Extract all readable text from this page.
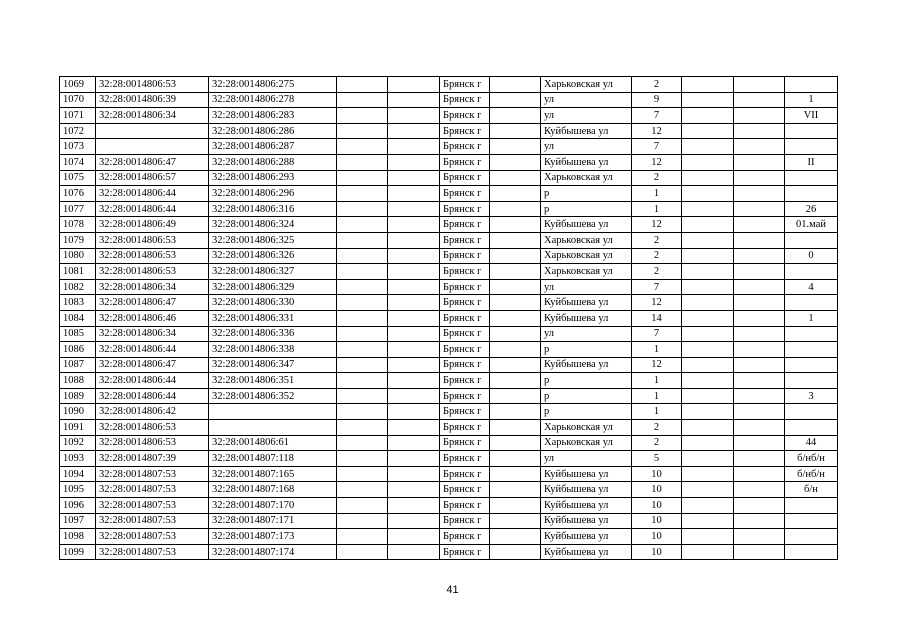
1069	32:28:0014806:53	32:28:0014806:275			Брянск г		Харьковская ул	2			
1070	32:28:0014806:39	32:28:0014806:278			Брянск г		ул	9			1
1071	32:28:0014806:34	32:28:0014806:283			Брянск г		ул	7			VII
1072		32:28:0014806:286			Брянск г		Куйбышева ул	12			
1073		32:28:0014806:287			Брянск г		ул	7			
1074	32:28:0014806:47	32:28:0014806:288			Брянск г		Куйбышева ул	12			II
1075	32:28:0014806:57	32:28:0014806:293			Брянск г		Харьковская ул	2			
1076	32:28:0014806:44	32:28:0014806:296			Брянск г		р	1			
1077	32:28:0014806:44	32:28:0014806:316			Брянск г		р	1			26
1078	32:28:0014806:49	32:28:0014806:324			Брянск г		Куйбышева ул	12			01.май
1079	32:28:0014806:53	32:28:0014806:325			Брянск г		Харьковская ул	2			
1080	32:28:0014806:53	32:28:0014806:326			Брянск г		Харьковская ул	2			0
1081	32:28:0014806:53	32:28:0014806:327			Брянск г		Харьковская ул	2			
1082	32:28:0014806:34	32:28:0014806:329			Брянск г		ул	7			4
1083	32:28:0014806:47	32:28:0014806:330			Брянск г		Куйбышева ул	12			
1084	32:28:0014806:46	32:28:0014806:331			Брянск г		Куйбышева ул	14			1
1085	32:28:0014806:34	32:28:0014806:336			Брянск г		ул	7			
1086	32:28:0014806:44	32:28:0014806:338			Брянск г		р	1			
1087	32:28:0014806:47	32:28:0014806:347			Брянск г		Куйбышева ул	12			
1088	32:28:0014806:44	32:28:0014806:351			Брянск г		р	1			
1089	32:28:0014806:44	32:28:0014806:352			Брянск г		р	1			3
1090	32:28:0014806:42				Брянск г		р	1			
1091	32:28:0014806:53				Брянск г		Харьковская ул	2			
1092	32:28:0014806:53	32:28:0014806:61			Брянск г		Харьковская ул	2			44
1093	32:28:0014807:39	32:28:0014807:118			Брянск г		ул	5			б/нб/н
1094	32:28:0014807:53	32:28:0014807:165			Брянск г		Куйбышева ул	10			б/нб/н
1095	32:28:0014807:53	32:28:0014807:168			Брянск г		Куйбышева ул	10			б/н
1096	32:28:0014807:53	32:28:0014807:170			Брянск г		Куйбышева ул	10			
1097	32:28:0014807:53	32:28:0014807:171			Брянск г		Куйбышева ул	10			
1098	32:28:0014807:53	32:28:0014807:173			Брянск г		Куйбышева ул	10			
1099	32:28:0014807:53	32:28:0014807:174			Брянск г		Куйбышева ул	10			
41
